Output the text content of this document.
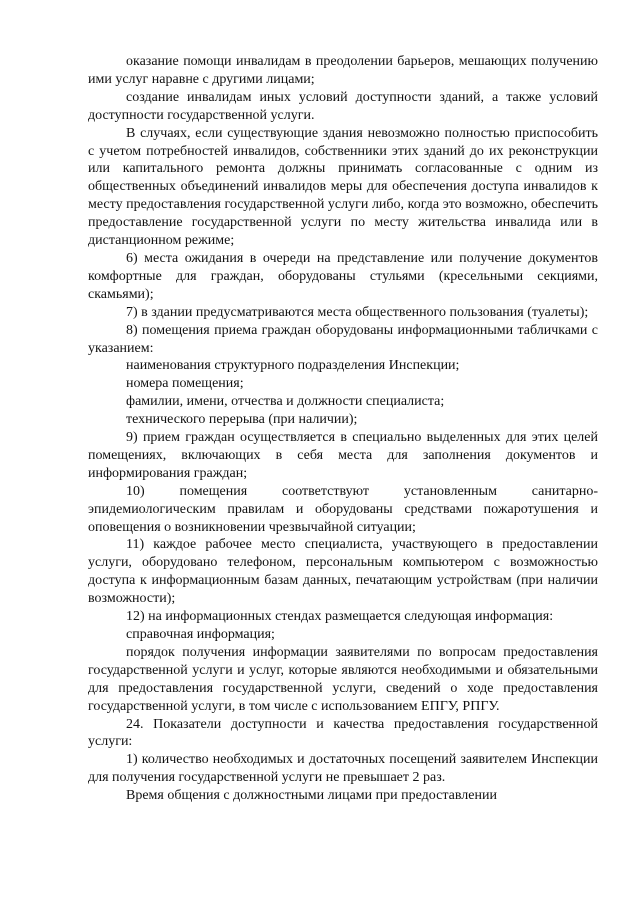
оказание помощи инвалидам в преодолении барьеров, мешающих получению ими услуг наравне с другими лицами;

создание инвалидам иных условий доступности зданий, а также условий доступности государственной услуги.

В случаях, если существующие здания невозможно полностью приспособить с учетом потребностей инвалидов, собственники этих зданий до их реконструкции или капитального ремонта должны принимать согласованные с одним из общественных объединений инвалидов меры для обеспечения доступа инвалидов к месту предоставления государственной услуги либо, когда это возможно, обеспечить предоставление государственной услуги по месту жительства инвалида или в дистанционном режиме;

6) места ожидания в очереди на представление или получение документов комфортные для граждан, оборудованы стульями (кресельными секциями, скамьями);

7) в здании предусматриваются места общественного пользования (туалеты);

8) помещения приема граждан оборудованы информационными табличками с указанием:

наименования структурного подразделения Инспекции;

номера помещения;

фамилии, имени, отчества и должности специалиста;

технического перерыва (при наличии);

9) прием граждан осуществляется в специально выделенных для этих целей помещениях, включающих в себя места для заполнения документов и информирования граждан;

10) помещения соответствуют установленным санитарно-эпидемиологическим правилам и оборудованы средствами пожаротушения и оповещения о возникновении чрезвычайной ситуации;

11) каждое рабочее место специалиста, участвующего в предоставлении услуги, оборудовано телефоном, персональным компьютером с возможностью доступа к информационным базам данных, печатающим устройствам (при наличии возможности);

12) на информационных стендах размещается следующая информация:

справочная информация;

порядок получения информации заявителями по вопросам предоставления государственной услуги и услуг, которые являются необходимыми и обязательными для предоставления государственной услуги, сведений о ходе предоставления государственной услуги, в том числе с использованием ЕПГУ, РПГУ.

24. Показатели доступности и качества предоставления государственной услуги:

1) количество необходимых и достаточных посещений заявителем Инспекции для получения государственной услуги не превышает 2 раз.

Время общения с должностными лицами при предоставлении
